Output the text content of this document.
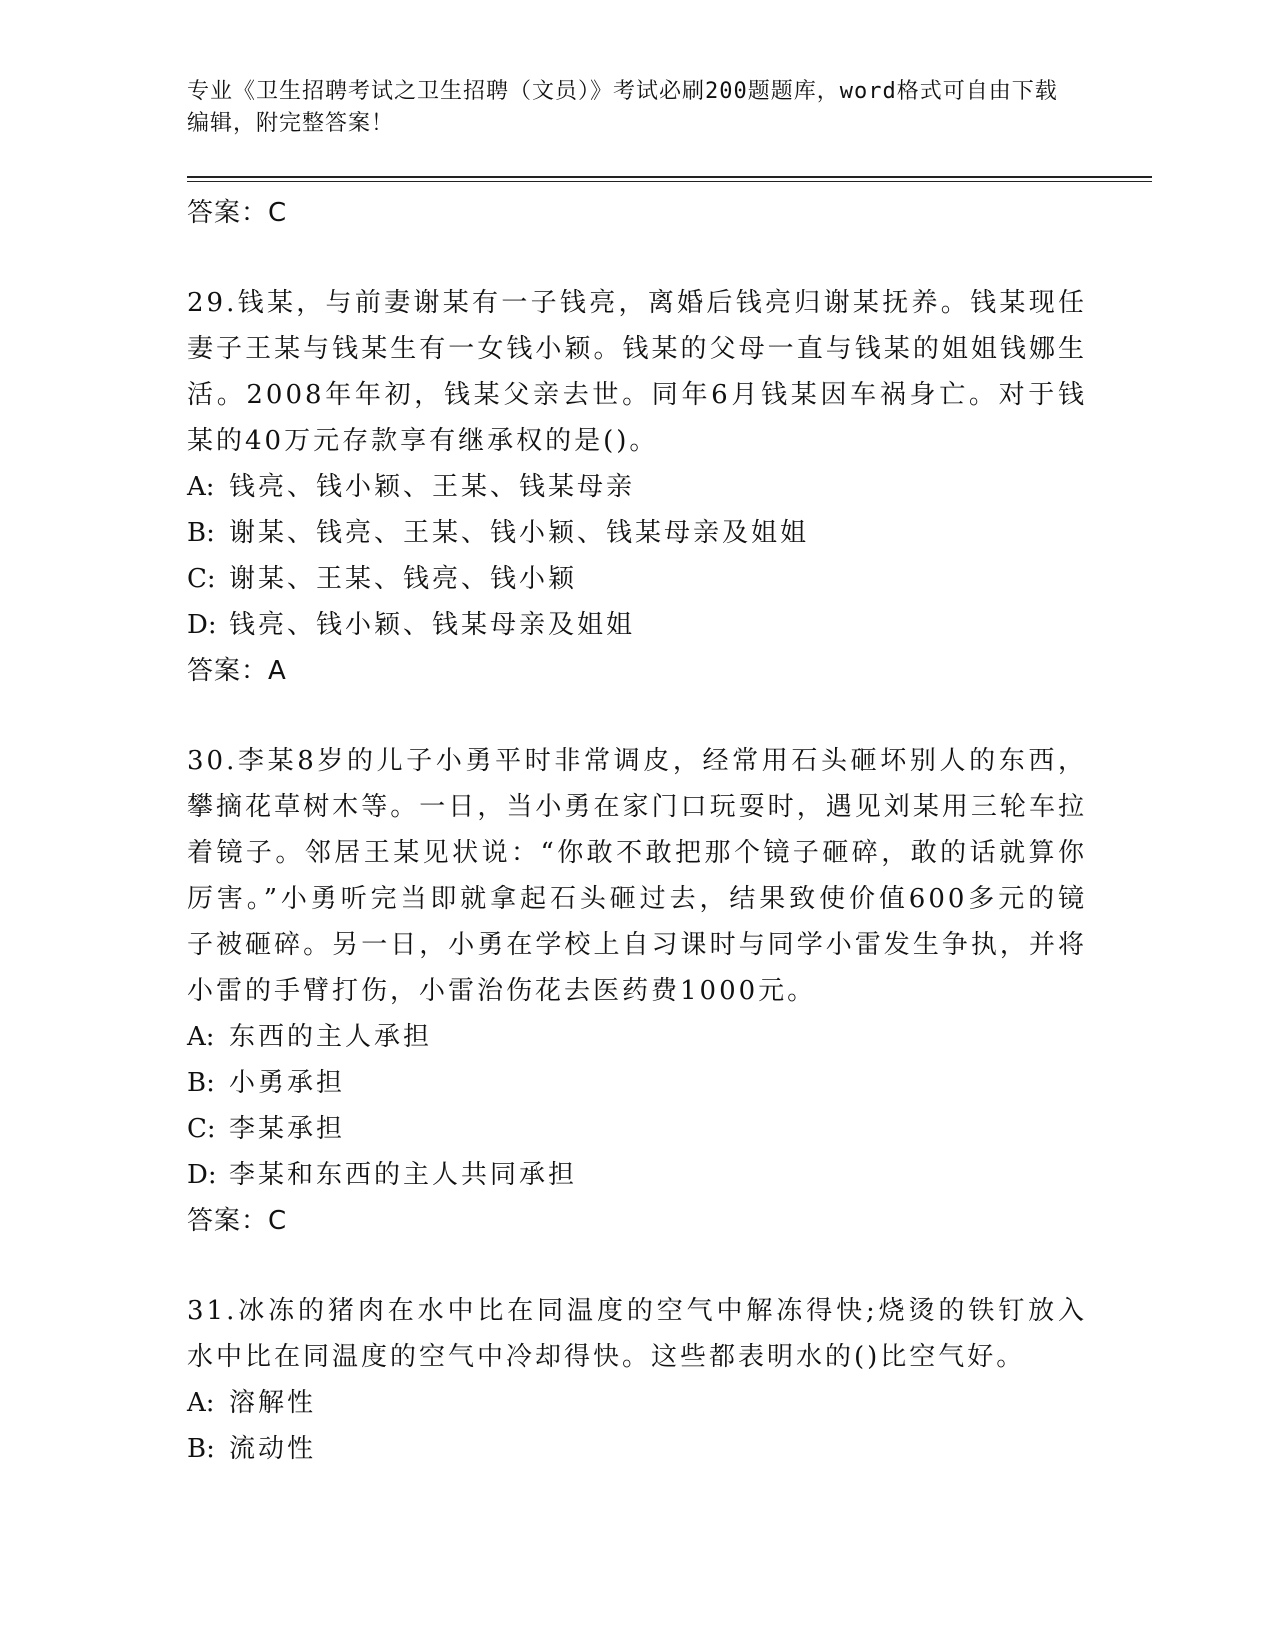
专业《卫生招聘考试之卫生招聘（文员）》考试必刷200题题库，word格式可自由下载编辑，附完整答案！
答案：C
29.钱某，与前妻谢某有一子钱亮，离婚后钱亮归谢某抚养。钱某现任妻子王某与钱某生有一女钱小颖。钱某的父母一直与钱某的姐姐钱娜生活。2008年年初，钱某父亲去世。同年6月钱某因车祸身亡。对于钱某的40万元存款享有继承权的是()。
A: 钱亮、钱小颖、王某、钱某母亲
B: 谢某、钱亮、王某、钱小颖、钱某母亲及姐姐
C: 谢某、王某、钱亮、钱小颖
D: 钱亮、钱小颖、钱某母亲及姐姐
答案：A
30.李某8岁的儿子小勇平时非常调皮，经常用石头砸坏别人的东西，攀摘花草树木等。一日，当小勇在家门口玩耍时，遇见刘某用三轮车拉着镜子。邻居王某见状说：“你敢不敢把那个镜子砸碎，敢的话就算你厉害。”小勇听完当即就拿起石头砸过去，结果致使价值600多元的镜子被砸碎。另一日，小勇在学校上自习课时与同学小雷发生争执，并将小雷的手臂打伤，小雷治伤花去医药费1000元。
A: 东西的主人承担
B: 小勇承担
C: 李某承担
D: 李某和东西的主人共同承担
答案：C
31.冰冻的猪肉在水中比在同温度的空气中解冻得快;烧烫的铁钉放入水中比在同温度的空气中冷却得快。这些都表明水的()比空气好。
A: 溶解性
B: 流动性
